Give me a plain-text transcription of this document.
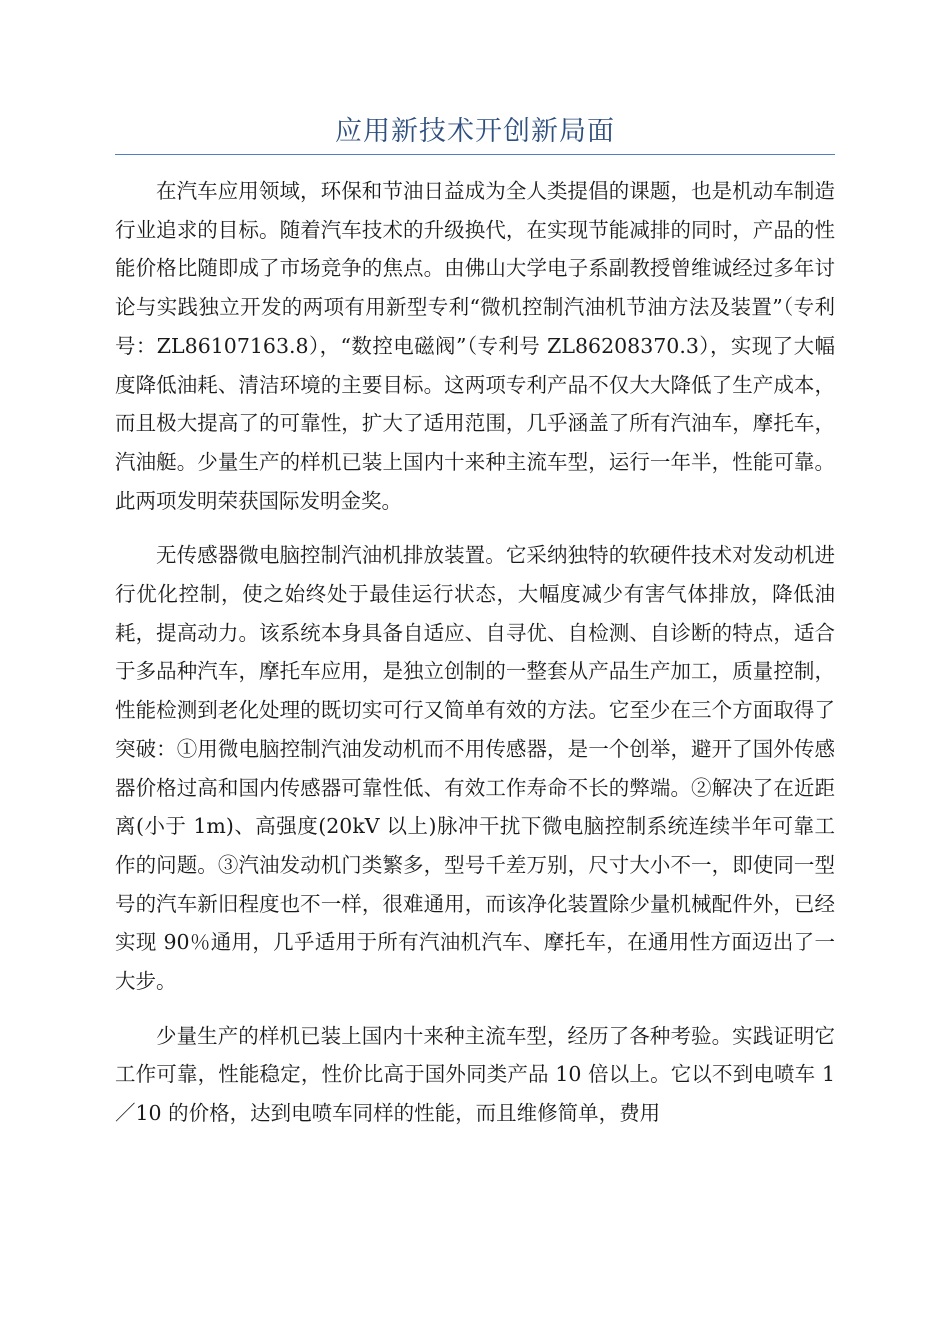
应用新技术开创新局面

在汽车应用领域，环保和节油日益成为全人类提倡的课题，也是机动车制造行业追求的目标。随着汽车技术的升级换代，在实现节能减排的同时，产品的性能价格比随即成了市场竞争的焦点。由佛山大学电子系副教授曾维诚经过多年讨论与实践独立开发的两项有用新型专利“微机控制汽油机节油方法及装置”（专利号：ZL86107163.8），“数控电磁阀”（专利号 ZL86208370.3），实现了大幅度降低油耗、清洁环境的主要目标。这两项专利产品不仅大大降低了生产成本，而且极大提高了的可靠性，扩大了适用范围，几乎涵盖了所有汽油车，摩托车，汽油艇。少量生产的样机已装上国内十来种主流车型，运行一年半，性能可靠。此两项发明荣获国际发明金奖。

无传感器微电脑控制汽油机排放装置。它采纳独特的软硬件技术对发动机进行优化控制，使之始终处于最佳运行状态，大幅度减少有害气体排放，降低油耗，提高动力。该系统本身具备自适应、自寻优、自检测、自诊断的特点，适合于多品种汽车，摩托车应用，是独立创制的一整套从产品生产加工，质量控制，性能检测到老化处理的既切实可行又简单有效的方法。它至少在三个方面取得了突破：①用微电脑控制汽油发动机而不用传感器，是一个创举，避开了国外传感器价格过高和国内传感器可靠性低、有效工作寿命不长的弊端。②解决了在近距离(小于 1m)、高强度(20kV 以上)脉冲干扰下微电脑控制系统连续半年可靠工作的问题。③汽油发动机门类繁多，型号千差万别，尺寸大小不一，即使同一型号的汽车新旧程度也不一样，很难通用，而该净化装置除少量机械配件外，已经实现 90％通用，几乎适用于所有汽油机汽车、摩托车，在通用性方面迈出了一大步。

少量生产的样机已装上国内十来种主流车型，经历了各种考验。实践证明它工作可靠，性能稳定，性价比高于国外同类产品 10 倍以上。它以不到电喷车 1／10 的价格，达到电喷车同样的性能，而且维修简单，费用
